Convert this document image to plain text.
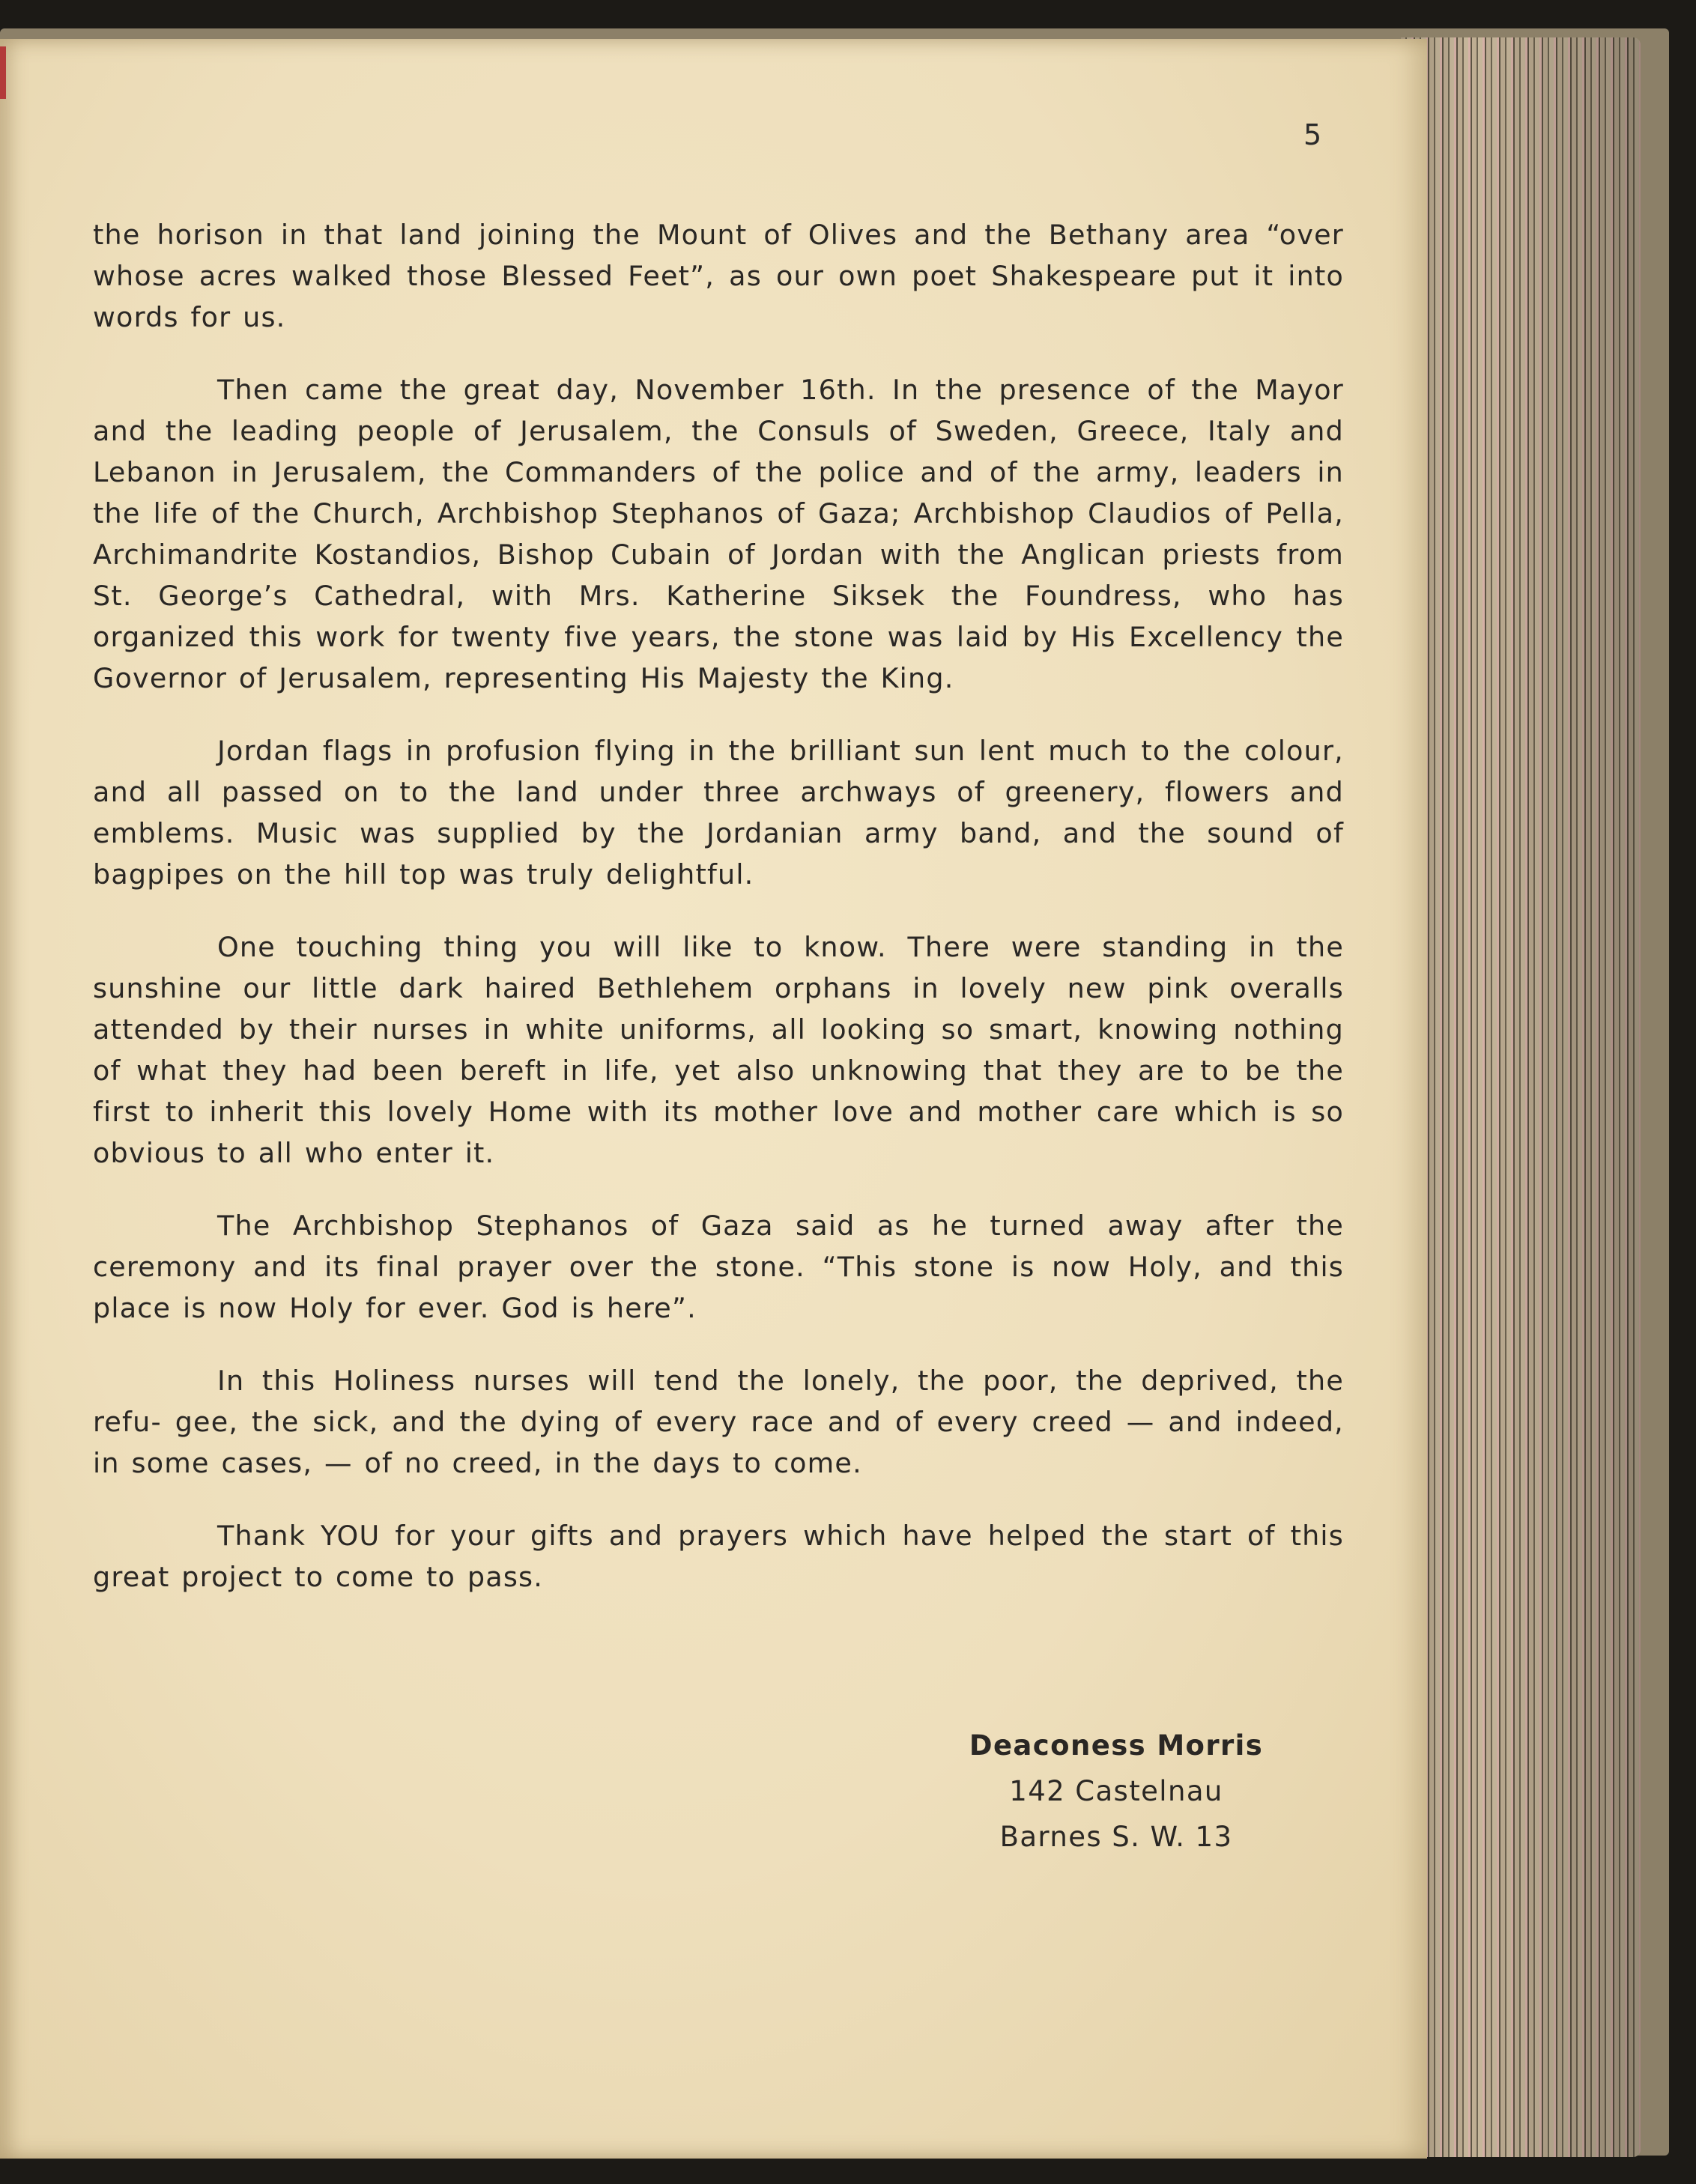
5

the horison in that land joining the Mount of Olives and the Bethany area “over whose acres walked those Blessed Feet”, as our own poet Shakespeare put it into words for us.

Then came the great day, November 16th. In the presence of the Mayor and the leading people of Jerusalem, the Consuls of Sweden, Greece, Italy and Lebanon in Jerusalem, the Commanders of the police and of the army, leaders in the life of the Church, Archbishop Stephanos of Gaza; Archbishop Claudios of Pella, Archimandrite Kostandios, Bishop Cubain of Jordan with the Anglican priests from St. George’s Cathedral, with Mrs. Katherine Siksek the Foundress, who has organized this work for twenty five years, the stone was laid by His Excellency the Governor of Jerusalem, representing His Majesty the King.

Jordan flags in profusion flying in the brilliant sun lent much to the colour, and all passed on to the land under three archways of greenery, flowers and emblems. Music was supplied by the Jordanian army band, and the sound of bagpipes on the hill top was truly delightful.

One touching thing you will like to know. There were standing in the sunshine our little dark haired Bethlehem orphans in lovely new pink overalls attended by their nurses in white uniforms, all looking so smart, knowing nothing of what they had been bereft in life, yet also unknowing that they are to be the first to inherit this lovely Home with its mother love and mother care which is so obvious to all who enter it.

The Archbishop Stephanos of Gaza said as he turned away after the ceremony and its final prayer over the stone. “This stone is now Holy, and this place is now Holy for ever. God is here”.

In this Holiness nurses will tend the lonely, the poor, the deprived, the refu- gee, the sick, and the dying of every race and of every creed — and indeed, in some cases, — of no creed, in the days to come.

Thank YOU for your gifts and prayers which have helped the start of this great project to come to pass.

Deaconess Morris
142 Castelnau
Barnes S. W. 13
